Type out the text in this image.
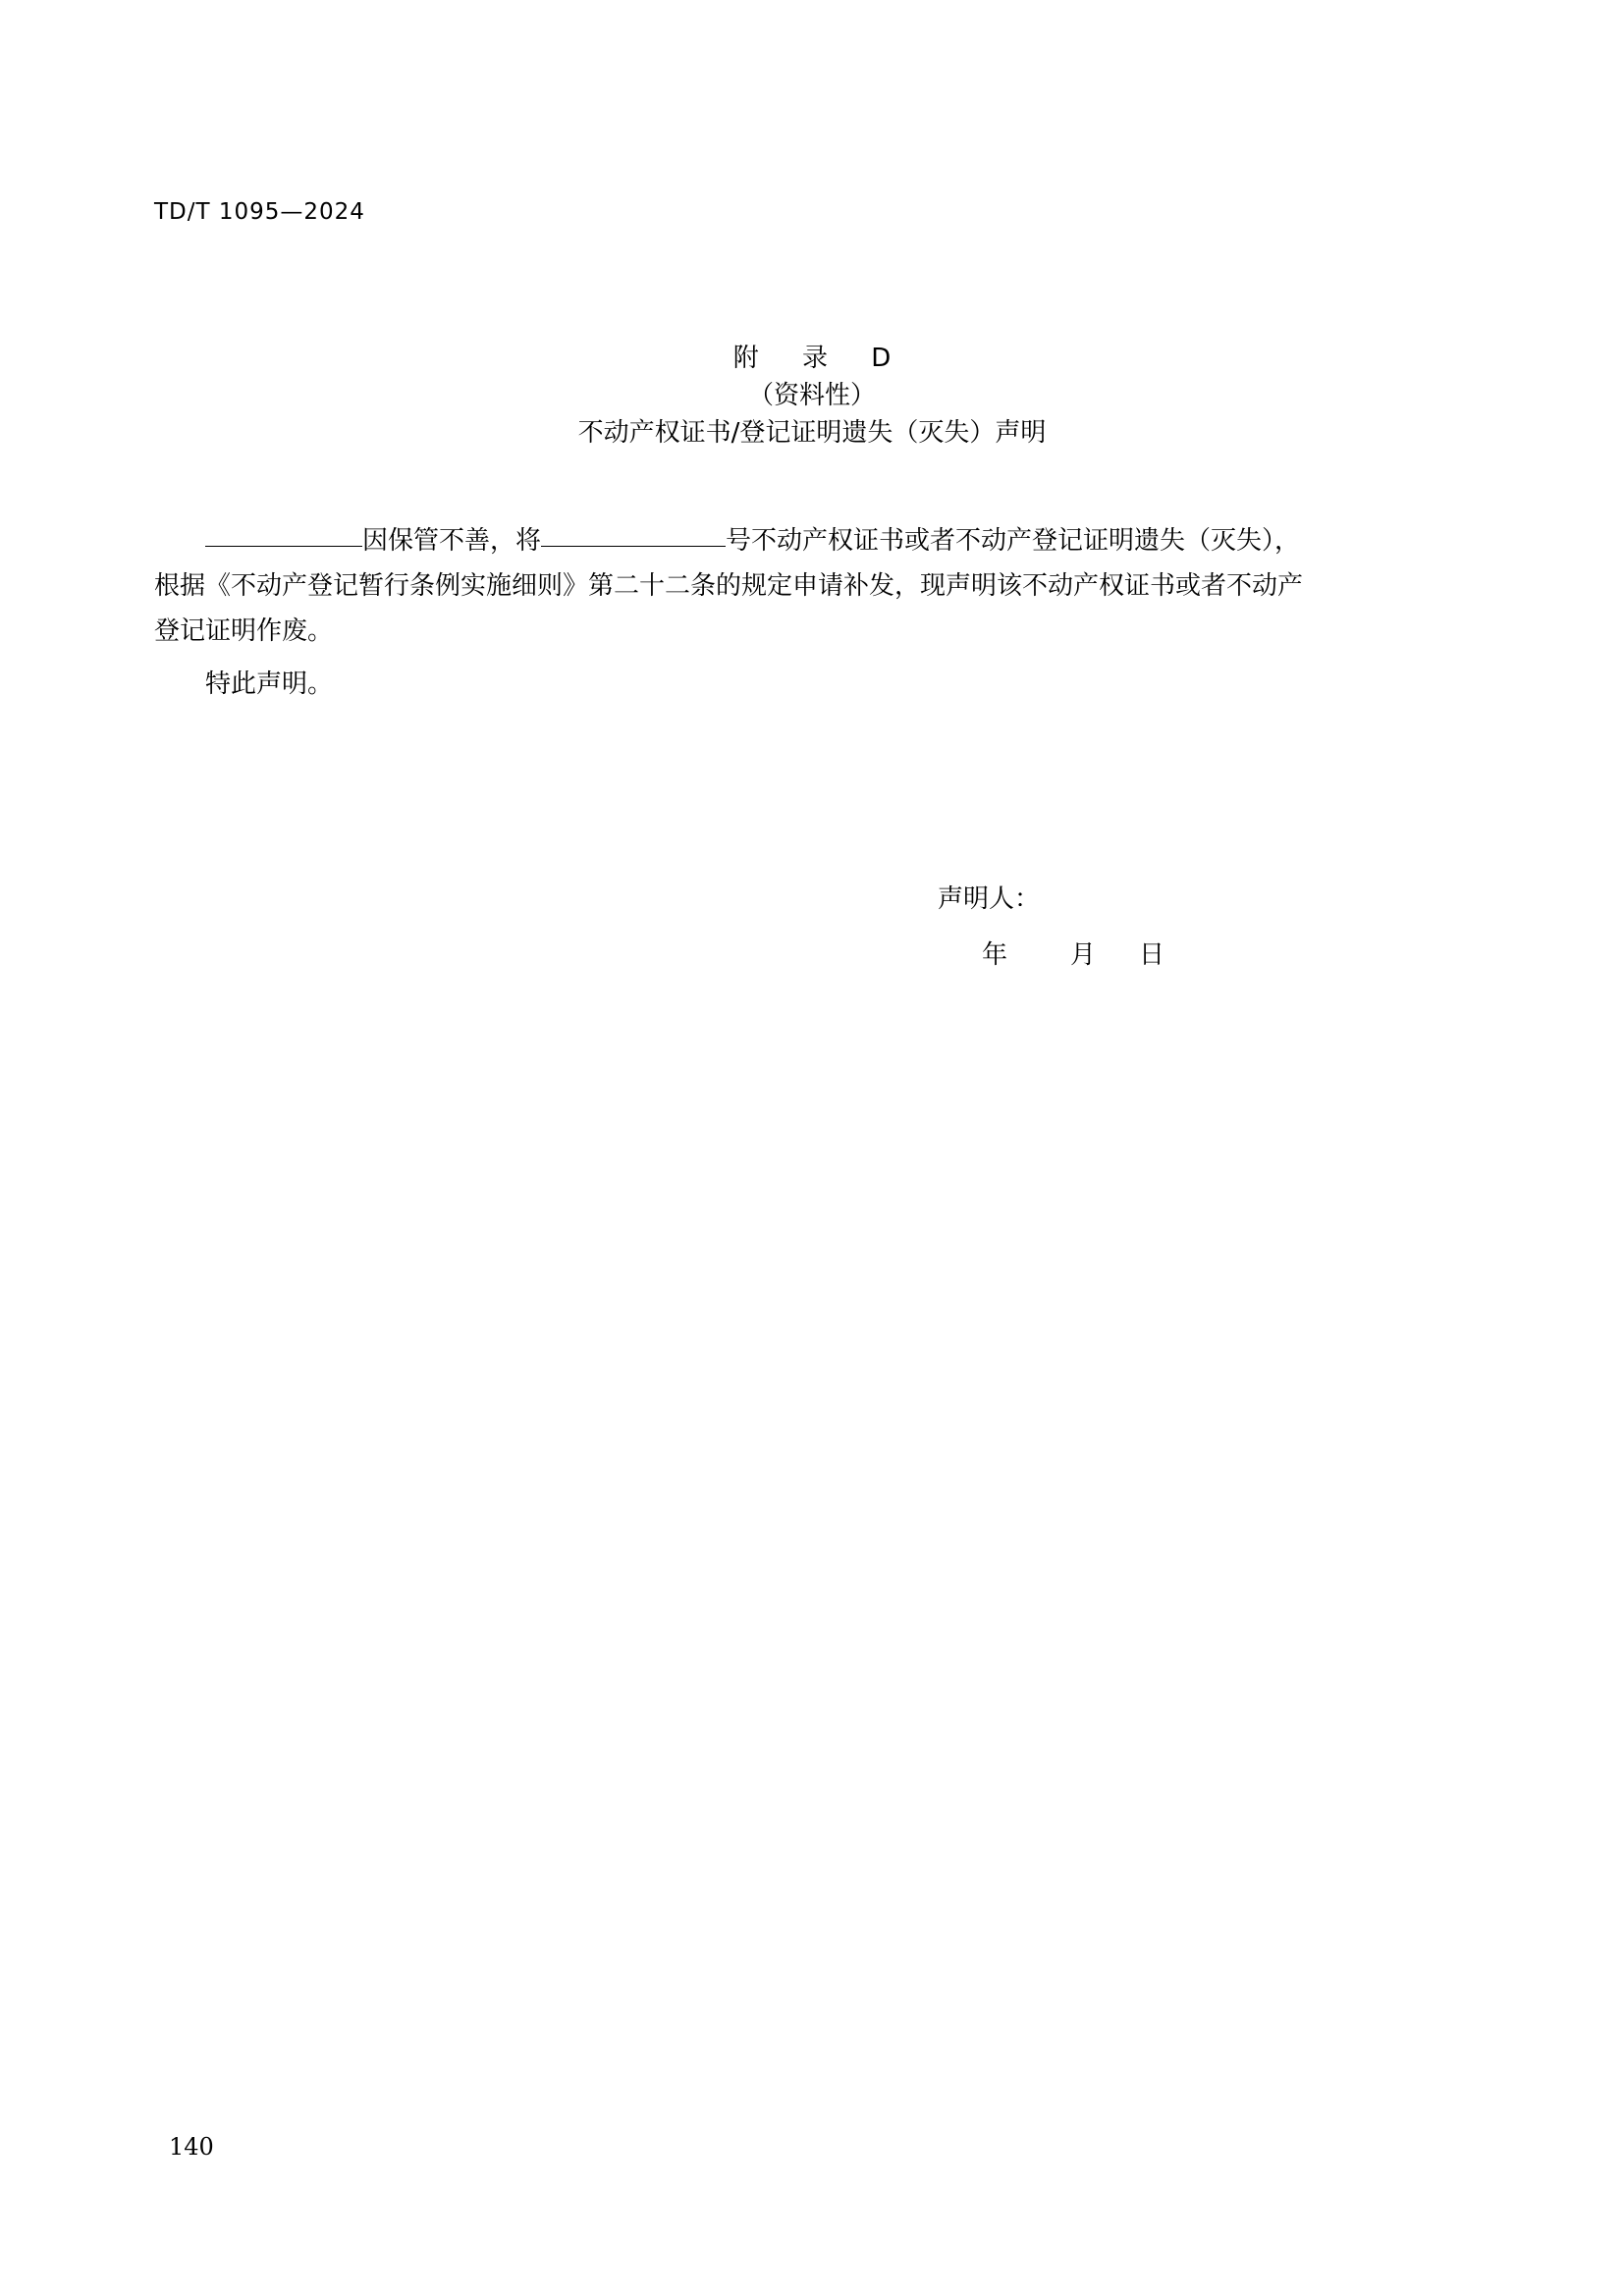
TD/T 1095—2024
附 录 D
（资料性）
不动产权证书/登记证明遗失（灭失）声明

因保管不善，将	号不动产权证书或者不动产登记证明遗失（灭失），

根据《不动产登记暂行条例实施细则》第二十二条的规定申请补发，现声明该不动产权证书或者不动产
登记证明作废。

特此声明。

声明人：
年 月 日
140
